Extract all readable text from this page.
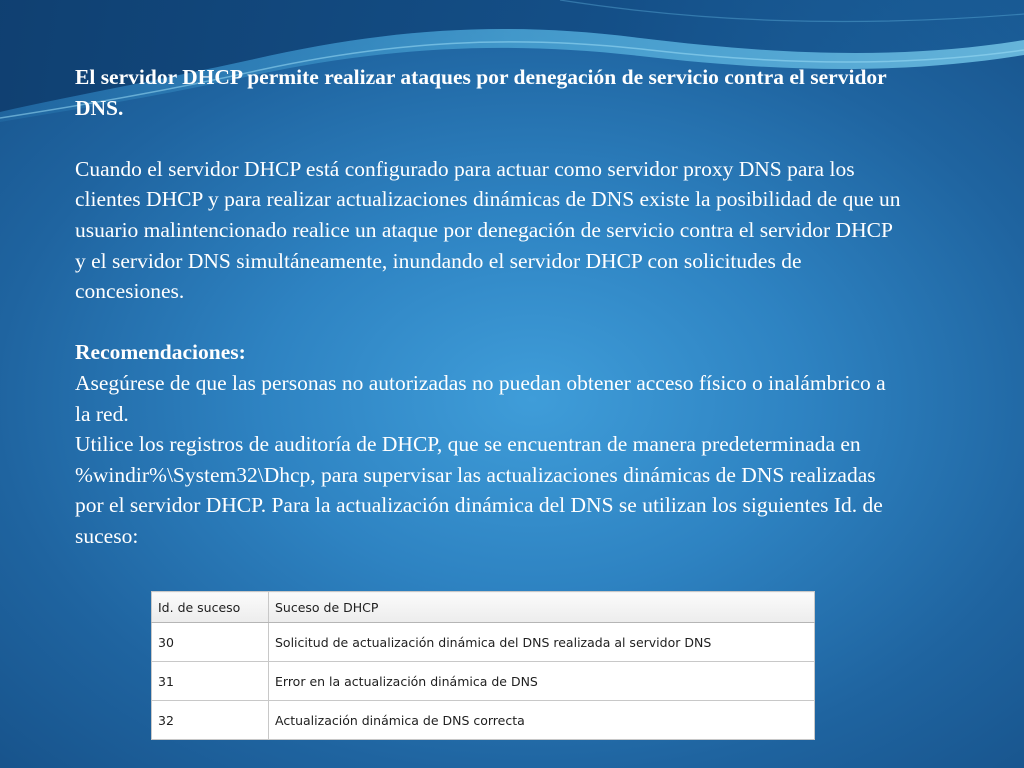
El servidor DHCP permite realizar ataques por denegación de servicio contra el servidor DNS.

Cuando el servidor DHCP está configurado para actuar como servidor proxy DNS para los clientes DHCP y para realizar actualizaciones dinámicas de DNS existe la posibilidad de que un usuario malintencionado realice un ataque por denegación de servicio contra el servidor DHCP y el servidor DNS simultáneamente, inundando el servidor DHCP con solicitudes de concesiones.

Recomendaciones:

Asegúrese de que las personas no autorizadas no puedan obtener acceso físico o inalámbrico a la red.

Utilice los registros de auditoría de DHCP, que se encuentran de manera predeterminada en %windir%\System32\Dhcp, para supervisar las actualizaciones dinámicas de DNS realizadas por el servidor DHCP. Para la actualización dinámica del DNS se utilizan los siguientes Id. de suceso:

Id. de suceso	Suceso de DHCP
30	Solicitud de actualización dinámica del DNS realizada al servidor DNS
31	Error en la actualización dinámica de DNS
32	Actualización dinámica de DNS correcta
